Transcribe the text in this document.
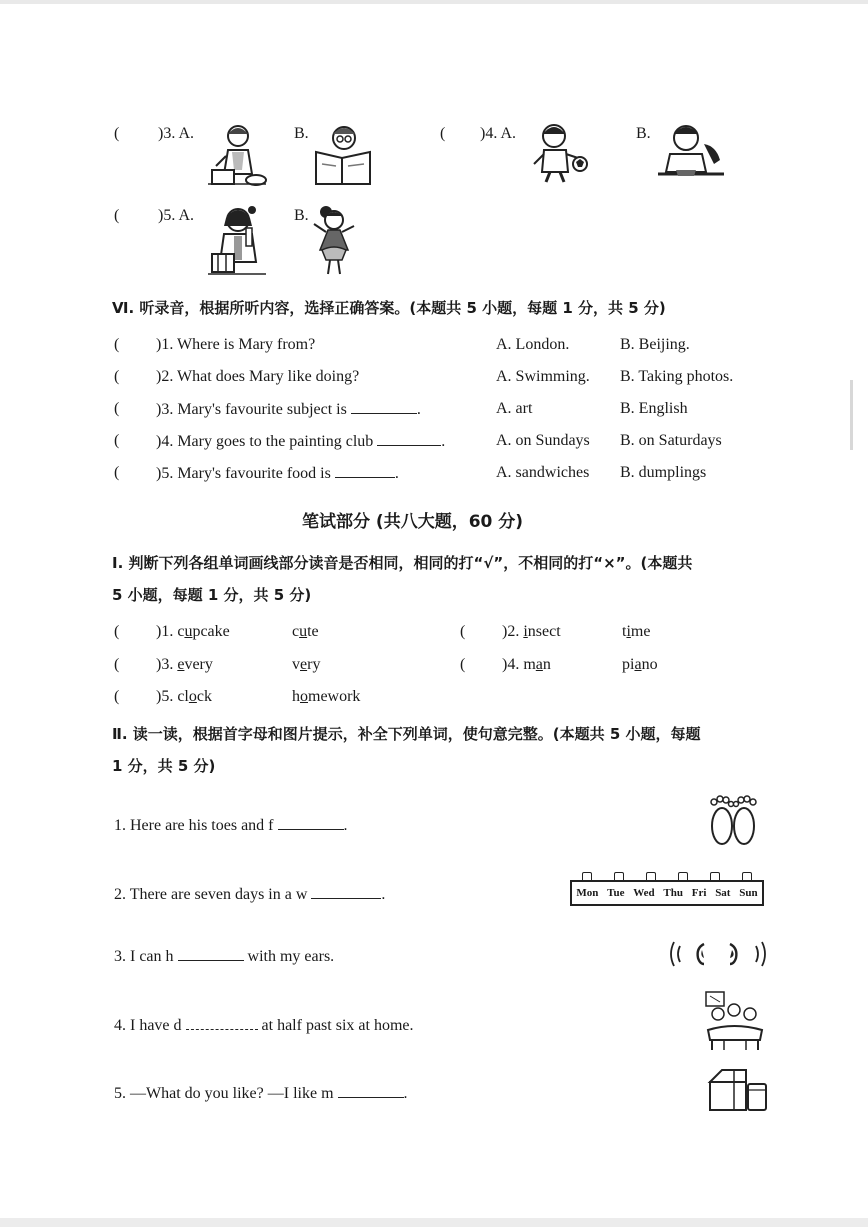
( )3. A.	B.	( )4. A.	B.
( )5. A.	B.
Ⅵ. 听录音，根据所听内容，选择正确答案。(本题共 5 小题，每题 1 分，共 5 分)
( )1. Where is Mary from?	A. London.	B. Beijing.
( )2. What does Mary like doing?	A. Swimming. B. Taking photos.
( )3. Mary's favourite subject is	.	A. art	B. English
( )4. Mary goes to the painting club	.	A. on Sundays B. on Saturdays
( )5. Mary's favourite food is	.	A. sandwiches B. dumplings
笔试部分 (共八大题，60 分)
Ⅰ. 判断下列各组单词画线部分读音是否相同，相同的打“√”，不相同的打“×”。(本题共
5 小题，每题 1 分，共 5 分)
( )1. cupcake	cute	( )2. insect	time
( )3. every	very	( )4. man	piano
( )5. clock	homework
Ⅱ. 读一读，根据首字母和图片提示，补全下列单词，使句意完整。(本题共 5 小题，每题
1 分，共 5 分)
1. Here are his toes and f	.
2. There are seven days in a w	.	Mon Tue Wed Thu Fri Sat Sun
3. I can h	with my ears.
4. I have d	at half past six at home.
5. —What do you like? —I like m	.
